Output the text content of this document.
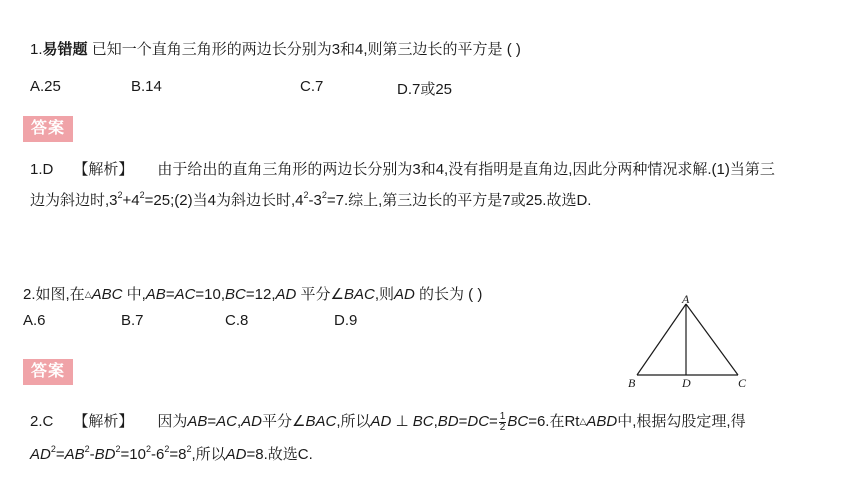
1.易错题 已知一个直角三角形的两边长分别为3和4,则第三边长的平方是 ( )
A.25	B.14	C.7	D.7或25
答案
1.D 【解析】 由于给出的直角三角形的两边长分别为3和4,没有指明是直角边,因此分两种情况求解.(1)当第三
边为斜边时$,3^2+4^2=25;(2)$当4为斜边长时$,4^2-3^2=7$.综上,第三边长的平方是7或25.故选D.
2.如图,在△ABC 中,AB=AC=10,BC=12,AD 平分∠BAC,则AD 的长为 ( )
A.6	B.7	C.8	D.9
A
B	D	C
答案
2.C 【解析】 因为AB=AC,AD平分∠BAC,所以AD ⊥ $BC,BD=DC= \frac{1}{2} BC=6$.在Rt△ABD中,根据勾股定理,得
$AD^2=AB^2-BD^2=10^2-6^2=8^2$,所以AD=8.故选C.
